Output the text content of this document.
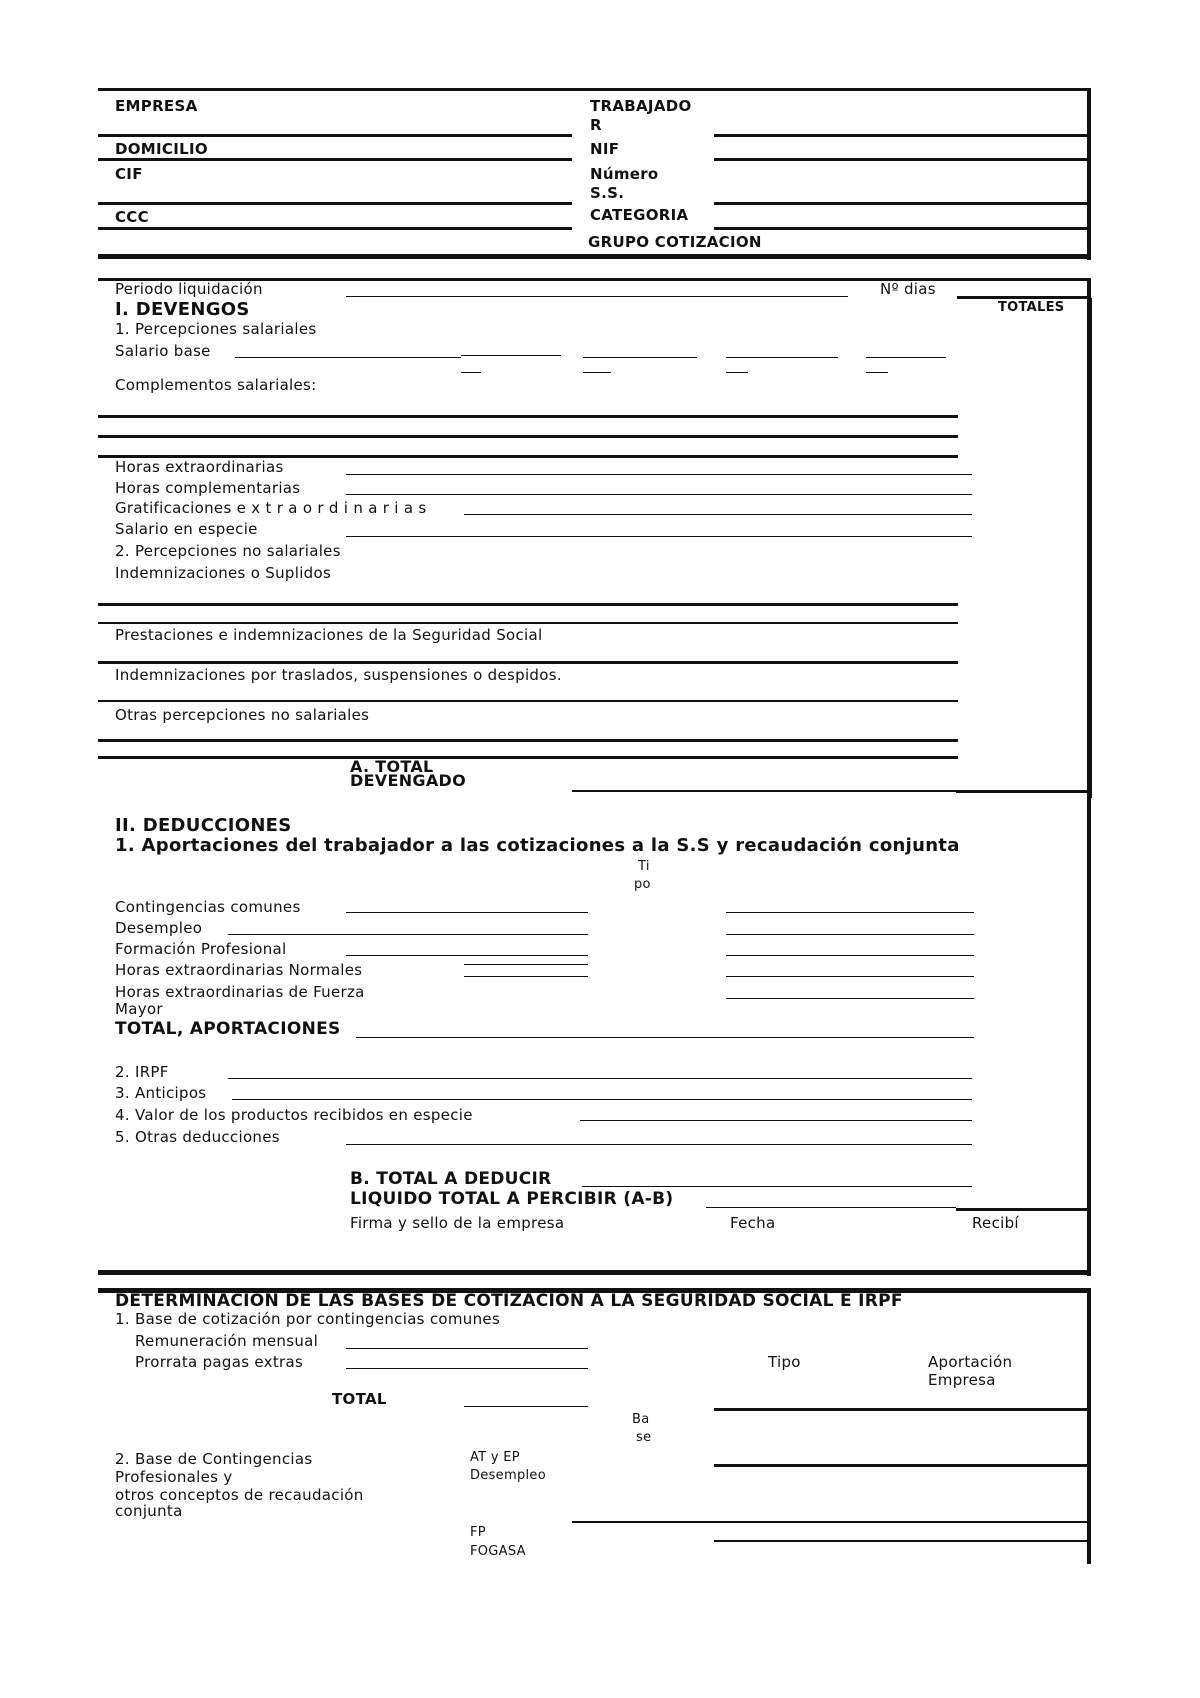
EMPRESA	TRABAJADO
R
DOMICILIO	NIF
CIF	Número
S.S.
CCC	CATEGORIA
GRUPO COTIZACION
Periodo liquidación	Nº dias
I. DEVENGOS	TOTALES
1. Percepciones salariales
Salario base
Complementos salariales:
Horas extraordinarias
Horas complementarias
Gratificaciones e x t r a o r d i n a r i a s
Salario en especie
2. Percepciones no salariales
Indemnizaciones o Suplidos
Prestaciones e indemnizaciones de la Seguridad Social
Indemnizaciones por traslados, suspensiones o despidos.
Otras percepciones no salariales
A. TOTAL
DEVENGADO
II. DEDUCCIONES
1. Aportaciones del trabajador a las cotizaciones a la S.S y recaudación conjunta
Ti
po
Contingencias comunes
Desempleo
Formación Profesional
Horas extraordinarias Normales
Horas extraordinarias de Fuerza
Mayor
TOTAL, APORTACIONES
2. IRPF
3. Anticipos
4. Valor de los productos recibidos en especie
5. Otras deducciones
B. TOTAL A DEDUCIR
LIQUIDO TOTAL A PERCIBIR (A-B)
Firma y sello de la empresa	Fecha	Recibí
DETERMINACION DE LAS BASES DE COTIZACION A LA SEGURIDAD SOCIAL E IRPF
1. Base de cotización por contingencias comunes
Remuneración mensual
Prorrata pagas extras	Tipo	Aportación
Empresa
TOTAL
Ba
se
2. Base de Contingencias
Profesionales y
otros conceptos de recaudación
conjunta
AT y EP
Desempleo
FP
FOGASA
